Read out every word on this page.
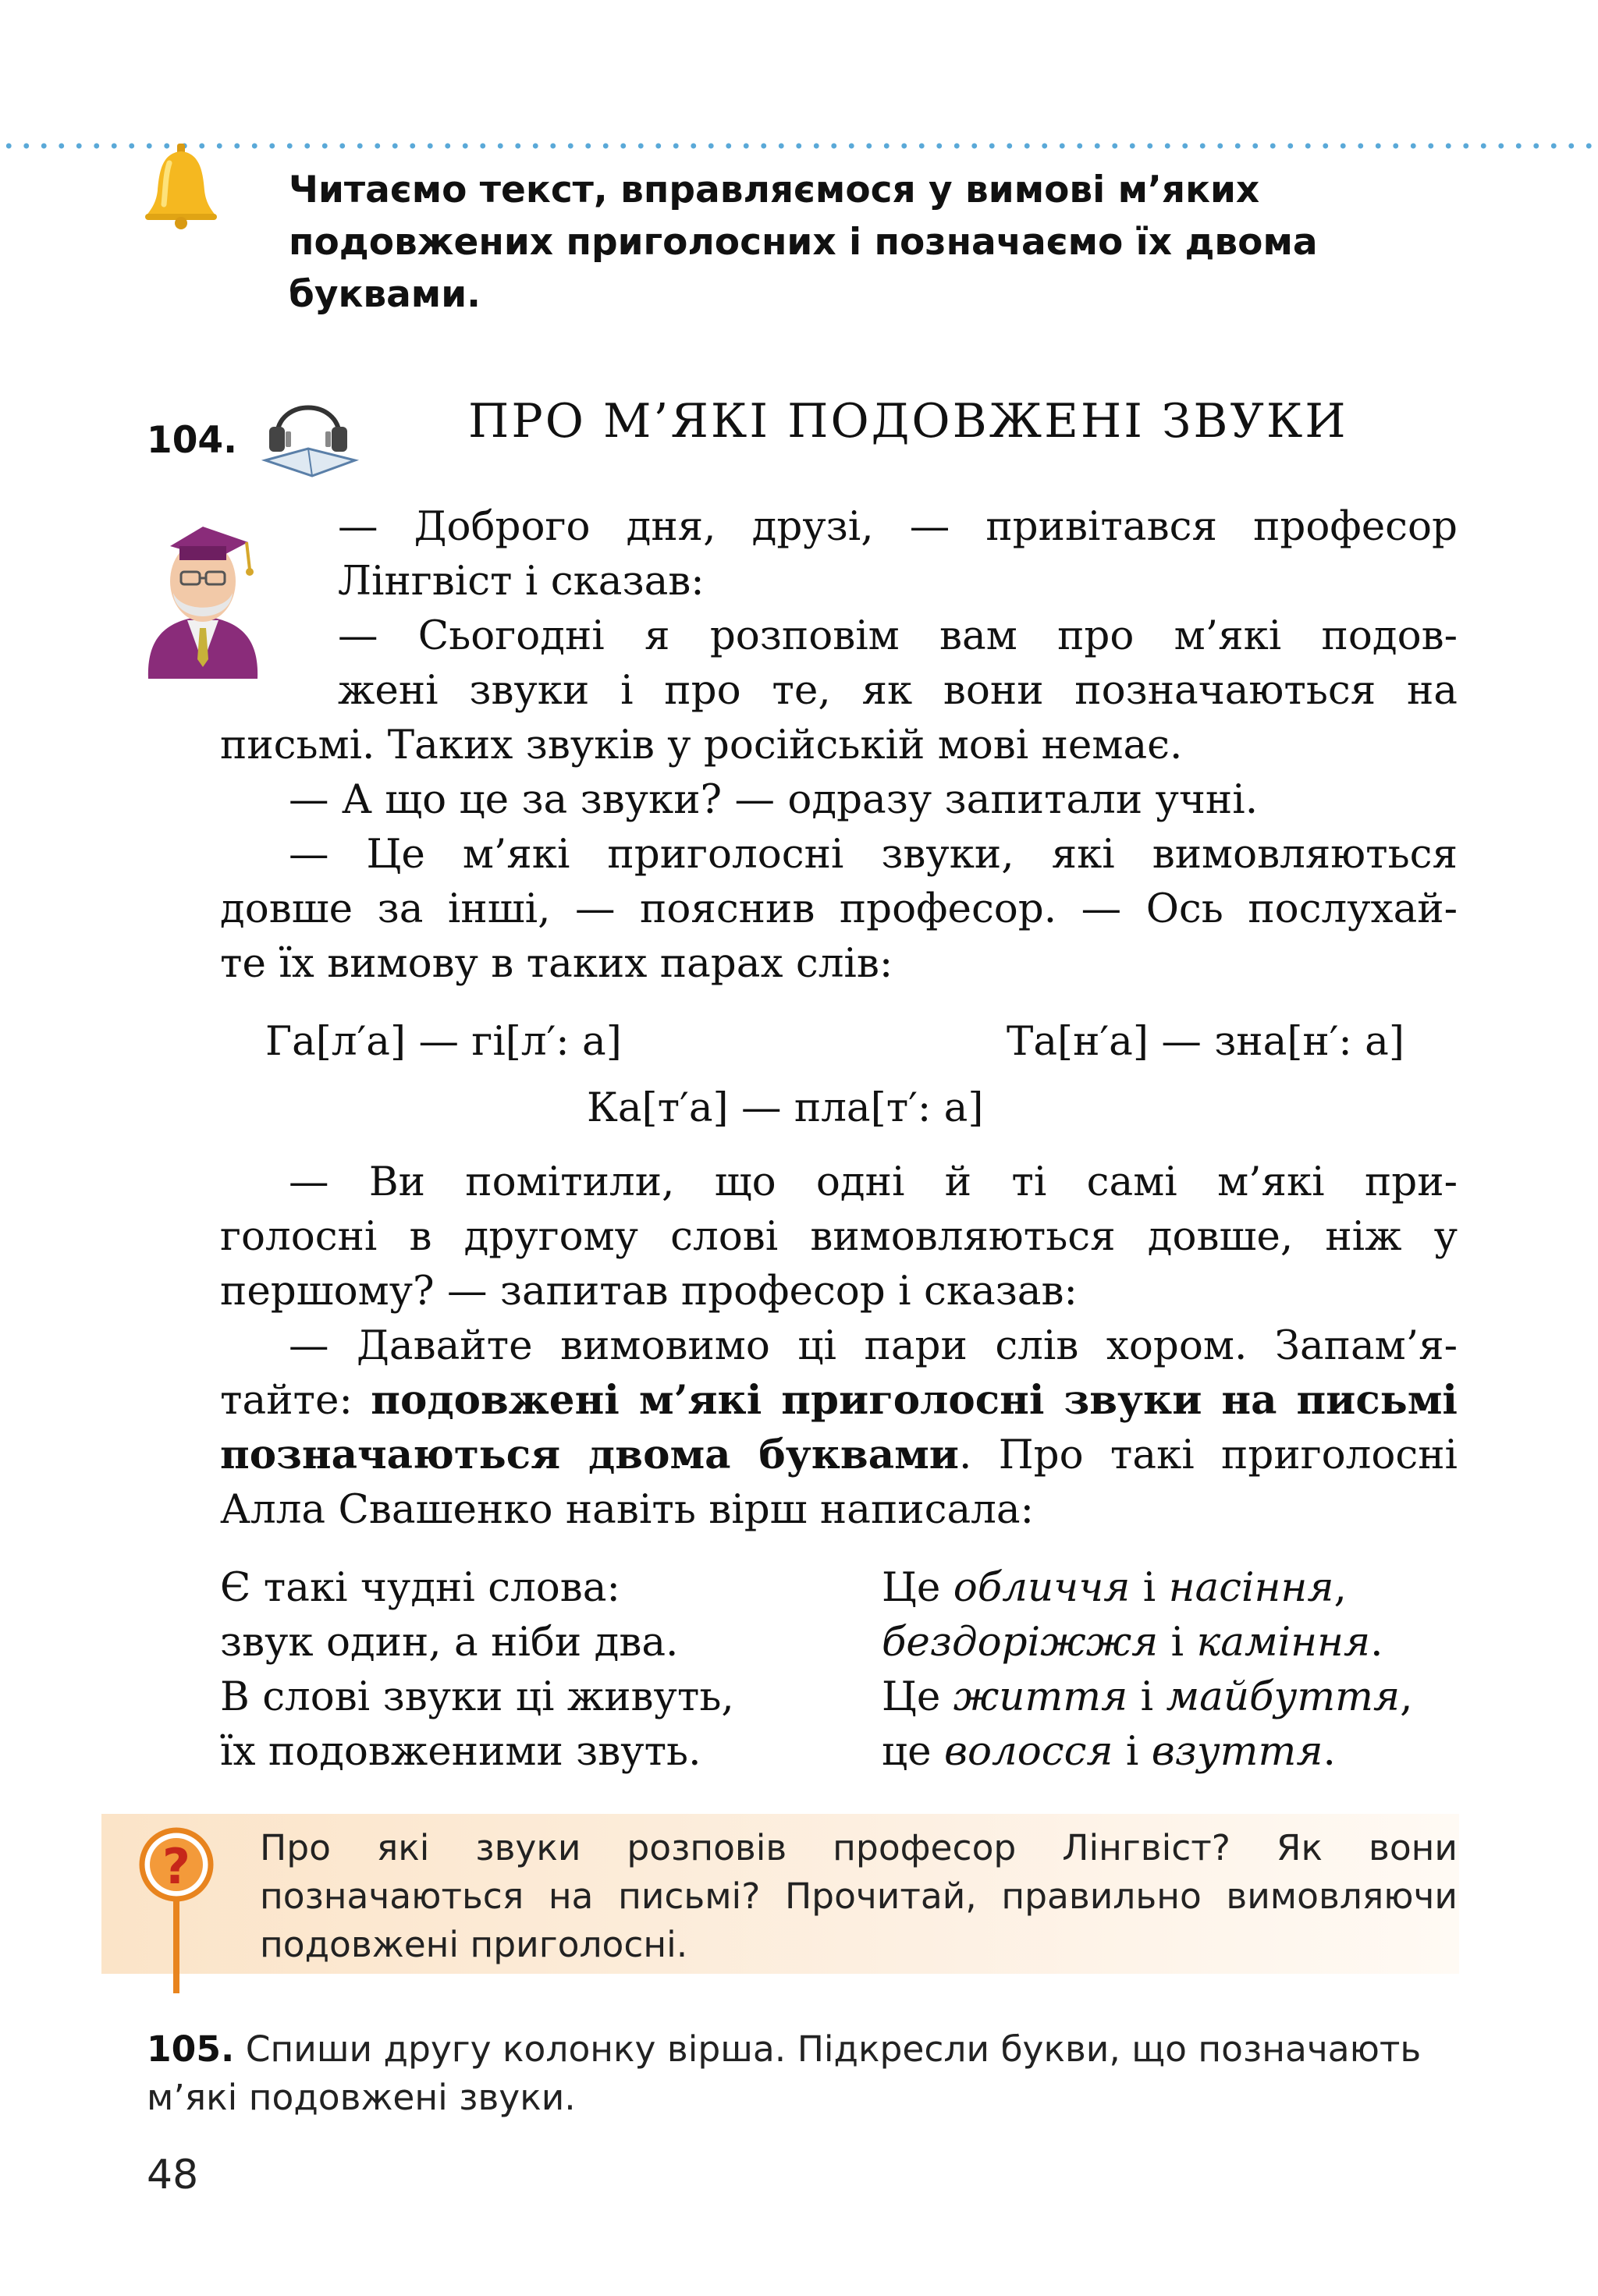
Читаємо текст, вправляємося у вимові м’яких
подовжених приголосних і позначаємо їх двома
буквами.
104.	ПРО М’ЯКІ ПОДОВЖЕНІ ЗВУКИ
— Доброго дня, друзі, — привітався професор
Лінгвіст і сказав:
— Сьогодні я розповім вам про м’які подов-
жені звуки і про те, як вони позначаються на
письмі. Таких звуків у російській мові немає.
— А що це за звуки? — одразу запитали учні.
— Це м’які приголосні звуки, які вимовляються
довше за інші, — пояснив професор. — Ось послухай-
те їх вимову в таких парах слів:
Га[л′а] — гі[л′: а]	Та[н′а] — зна[н′: а]
Ка[т′а] — пла[т′: а]
— Ви помітили, що одні й ті самі м’які при-
голосні в другому слові вимовляються довше, ніж у
першому? — запитав професор і сказав:
— Давайте вимовимо ці пари слів хором. Запам’я-
тайте: подовжені м’які приголосні звуки на письмі
позначаються двома буквами. Про такі приголосні
Алла Свашенко навіть вірш написала:
Є такі чудні слова:
звук один, а ніби два.
В слові звуки ці живуть,
їх подовженими звуть.
Це обличчя і насіння,
бездоріжжя і каміння.
Це життя і майбуття,
це волосся і взуття.
? Про які звуки розповів професор Лінгвіст? Як вони позначаються на письмі? Прочитай, правильно вимовляючи подовжені приголосні.
105. Спиши другу колонку вірша. Підкресли букви, що позначають м’які подовжені звуки.
48
